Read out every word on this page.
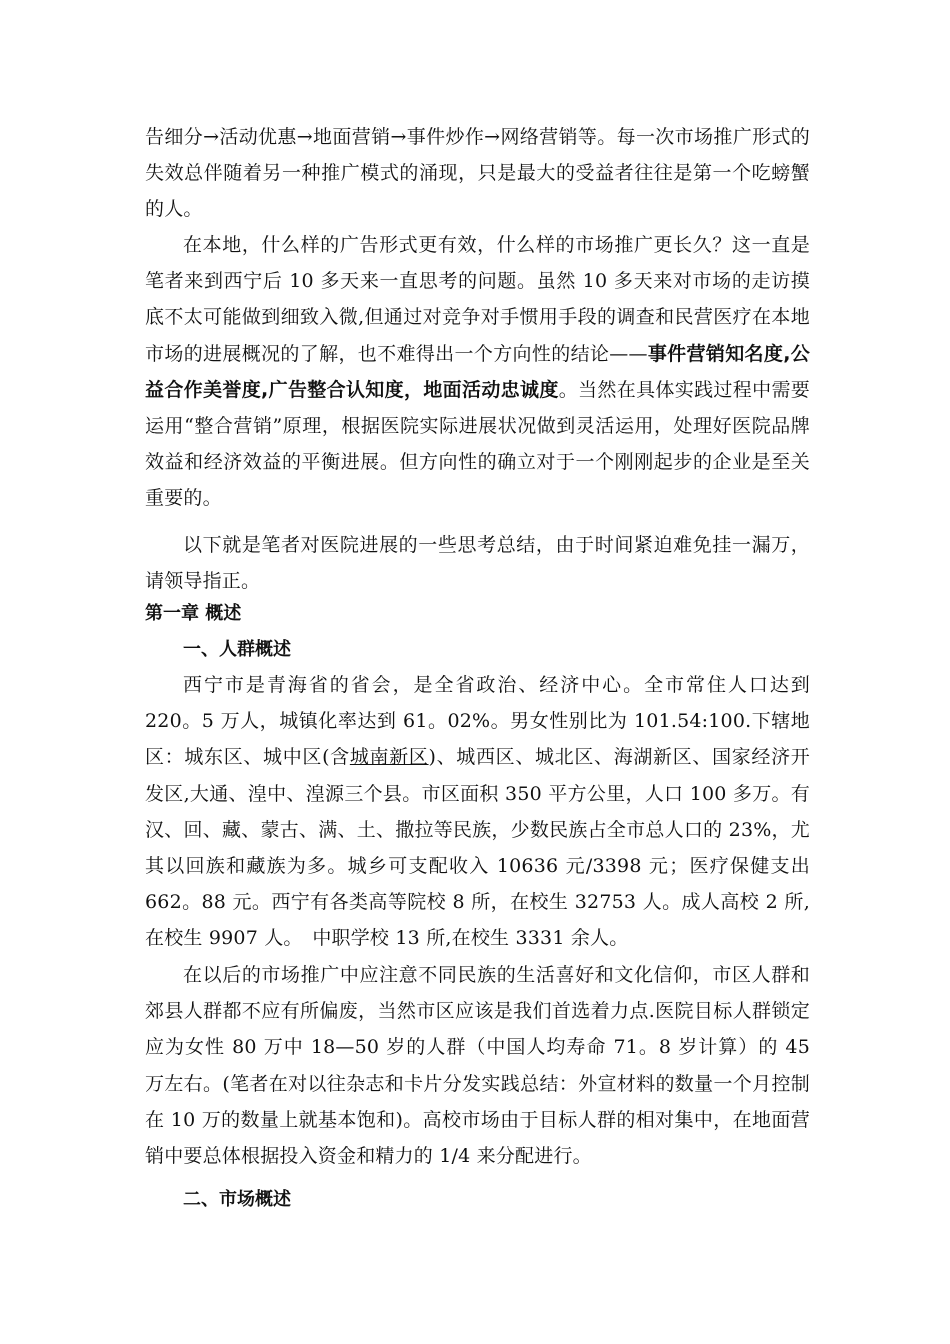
告细分→活动优惠→地面营销→事件炒作→网络营销等。每一次市场推广形式的失效总伴随着另一种推广模式的涌现，只是最大的受益者往往是第一个吃螃蟹的人。
在本地，什么样的广告形式更有效，什么样的市场推广更长久？这一直是笔者来到西宁后 10 多天来一直思考的问题。虽然 10 多天来对市场的走访摸底不太可能做到细致入微,但通过对竞争对手惯用手段的调查和民营医疗在本地市场的进展概况的了解，也不难得出一个方向性的结论——事件营销知名度,公益合作美誉度,广告整合认知度，地面活动忠诚度。当然在具体实践过程中需要运用“整合营销”原理，根据医院实际进展状况做到灵活运用，处理好医院品牌效益和经济效益的平衡进展。但方向性的确立对于一个刚刚起步的企业是至关重要的。
以下就是笔者对医院进展的一些思考总结，由于时间紧迫难免挂一漏万，请领导指正。
第一章 概述
一、人群概述
西宁市是青海省的省会，是全省政治、经济中心。全市常住人口达到 220。5 万人，城镇化率达到 61。02%。男女性别比为 101.54:100.下辖地区：城东区、城中区(含城南新区)、城西区、城北区、海湖新区、国家经济开发区,大通、湟中、湟源三个县。市区面积 350 平方公里，人口 100 多万。有汉、回、藏、蒙古、满、土、撒拉等民族，少数民族占全市总人口的 23%，尤其以回族和藏族为多。城乡可支配收入 10636 元/3398 元；医疗保健支出 662。88 元。西宁有各类高等院校 8 所，在校生 32753 人。成人高校 2 所,在校生 9907 人。　中职学校 13 所,在校生 3331 余人。
在以后的市场推广中应注意不同民族的生活喜好和文化信仰，市区人群和郊县人群都不应有所偏废，当然市区应该是我们首选着力点.医院目标人群锁定应为女性 80 万中 18—50 岁的人群（中国人均寿命 71。8 岁计算）的 45 万左右。(笔者在对以往杂志和卡片分发实践总结：外宣材料的数量一个月控制在 10 万的数量上就基本饱和)。高校市场由于目标人群的相对集中，在地面营销中要总体根据投入资金和精力的 1/4 来分配进行。
二、市场概述
